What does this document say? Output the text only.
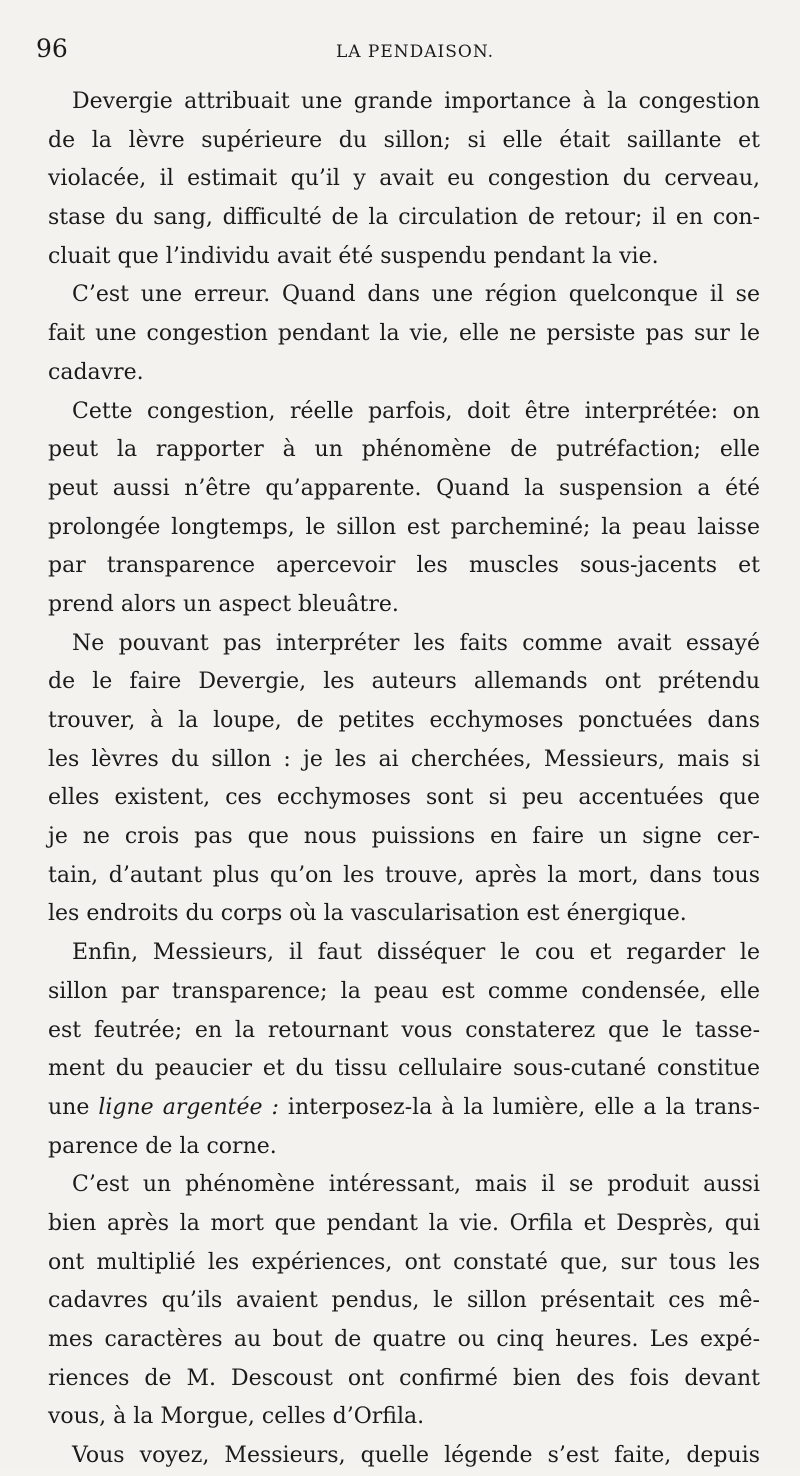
96	LA PENDAISON.
Devergie attribuait une grande importance à la congestion
de la lèvre supérieure du sillon; si elle était saillante et
violacée, il estimait qu’il y avait eu congestion du cerveau,
stase du sang, difficulté de la circulation de retour; il en con-
cluait que l’individu avait été suspendu pendant la vie.
C’est une erreur. Quand dans une région quelconque il se
fait une congestion pendant la vie, elle ne persiste pas sur le
cadavre.
Cette congestion, réelle parfois, doit être interprétée: on
peut la rapporter à un phénomène de putréfaction; elle
peut aussi n’être qu’apparente. Quand la suspension a été
prolongée longtemps, le sillon est parcheminé; la peau laisse
par transparence apercevoir les muscles sous-jacents et
prend alors un aspect bleuâtre.
Ne pouvant pas interpréter les faits comme avait essayé
de le faire Devergie, les auteurs allemands ont prétendu
trouver, à la loupe, de petites ecchymoses ponctuées dans
les lèvres du sillon : je les ai cherchées, Messieurs, mais si
elles existent, ces ecchymoses sont si peu accentuées que
je ne crois pas que nous puissions en faire un signe cer-
tain, d’autant plus qu’on les trouve, après la mort, dans tous
les endroits du corps où la vascularisation est énergique.
Enfin, Messieurs, il faut disséquer le cou et regarder le
sillon par transparence; la peau est comme condensée, elle
est feutrée; en la retournant vous constaterez que le tasse-
ment du peaucier et du tissu cellulaire sous-cutané constitue
une ligne argentée : interposez-la à la lumière, elle a la trans-
parence de la corne.
C’est un phénomène intéressant, mais il se produit aussi
bien après la mort que pendant la vie. Orfila et Desprès, qui
ont multiplié les expériences, ont constaté que, sur tous les
cadavres qu’ils avaient pendus, le sillon présentait ces mê-
mes caractères au bout de quatre ou cinq heures. Les expé-
riences de M. Descoust ont confirmé bien des fois devant
vous, à la Morgue, celles d’Orfila.
Vous voyez, Messieurs, quelle légende s’est faite, depuis
